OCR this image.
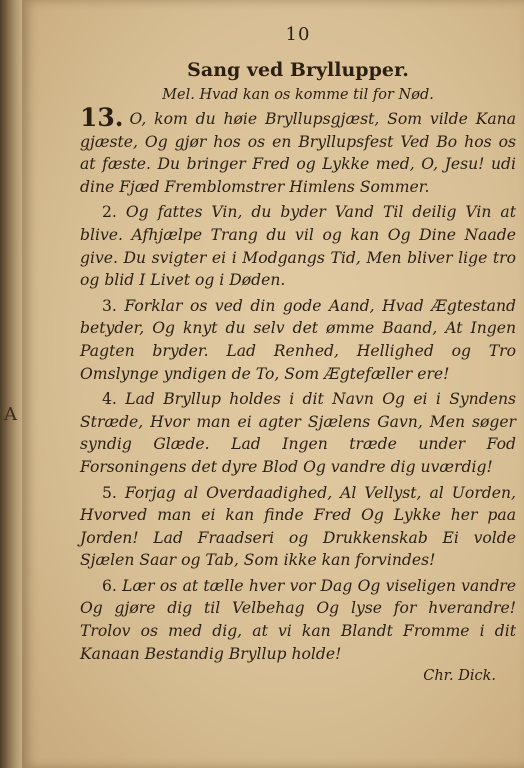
A
10
Sang ved Bryllupper.
Mel. Hvad kan os komme til for Nød.

13. O, kom du høie Bryllupsgjæst, Som vilde Kana gjæste, Og gjør hos os en Bryllupsfest Ved Bo hos os at fæste. Du bringer Fred og Lykke med, O, Jesu! udi dine Fjæd Fremblomstrer Himlens Sommer.

2. Og fattes Vin, du byder Vand Til deilig Vin at blive. Afhjælpe Trang du vil og kan Og Dine Naade give. Du svigter ei i Modgangs Tid, Men bliver lige tro og blid I Livet og i Døden.

3. Forklar os ved din gode Aand, Hvad Ægtestand betyder, Og knyt du selv det ømme Baand, At Ingen Pagten bryder. Lad Renhed, Hellighed og Tro Omslynge yndigen de To, Som Ægtefæller ere!

4. Lad Bryllup holdes i dit Navn Og ei i Syndens Stræde, Hvor man ei agter Sjælens Gavn, Men søger syndig Glæde. Lad Ingen træde under Fod Forsoningens det dyre Blod Og vandre dig uværdig!

5. Forjag al Overdaadighed, Al Vellyst, al Uorden, Hvorved man ei kan finde Fred Og Lykke her paa Jorden! Lad Fraadseri og Drukkenskab Ei volde Sjælen Saar og Tab, Som ikke kan forvindes!

6. Lær os at tælle hver vor Dag Og viseligen vandre Og gjøre dig til Velbehag Og lyse for hverandre! Trolov os med dig, at vi kan Blandt Fromme i dit Kanaan Bestandig Bryllup holde!

Chr. Dick.
